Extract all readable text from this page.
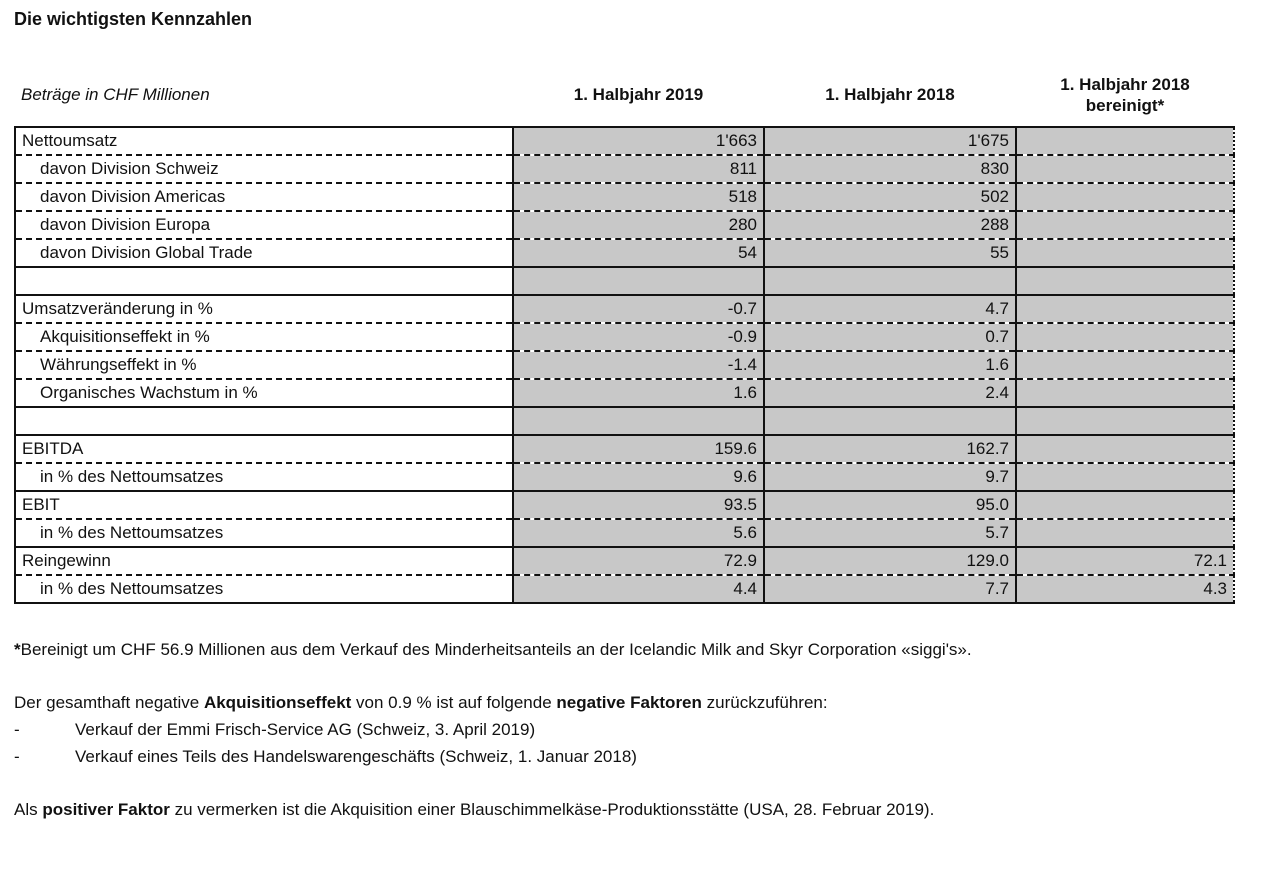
Die wichtigsten Kennzahlen
Beträge in CHF Millionen	1. Halbjahr 2019	1. Halbjahr 2018	1. Halbjahr 2018
bereinigt*
Nettoumsatz	1'663	1'675	
davon Division Schweiz	811	830	
davon Division Americas	518	502	
davon Division Europa	280	288	
davon Division Global Trade	54	55	

Umsatzveränderung in %	-0.7	4.7	
Akquisitionseffekt in %	-0.9	0.7	
Währungseffekt in %	-1.4	1.6	
Organisches Wachstum in %	1.6	2.4	

EBITDA	159.6	162.7	
in % des Nettoumsatzes	9.6	9.7	
EBIT	93.5	95.0	
in % des Nettoumsatzes	5.6	5.7	
Reingewinn	72.9	129.0	72.1
in % des Nettoumsatzes	4.4	7.7	4.3

*Bereinigt um CHF 56.9 Millionen aus dem Verkauf des Minderheitsanteils an der Icelandic Milk and Skyr Corporation «siggi's».

Der gesamthaft negative Akquisitionseffekt von 0.9 % ist auf folgende negative Faktoren zurückzuführen:

-	Verkauf der Emmi Frisch-Service AG (Schweiz, 3. April 2019)
-	Verkauf eines Teils des Handelswarengeschäfts (Schweiz, 1. Januar 2018)

Als positiver Faktor zu vermerken ist die Akquisition einer Blauschimmelkäse-Produktionsstätte (USA, 28. Februar 2019).
